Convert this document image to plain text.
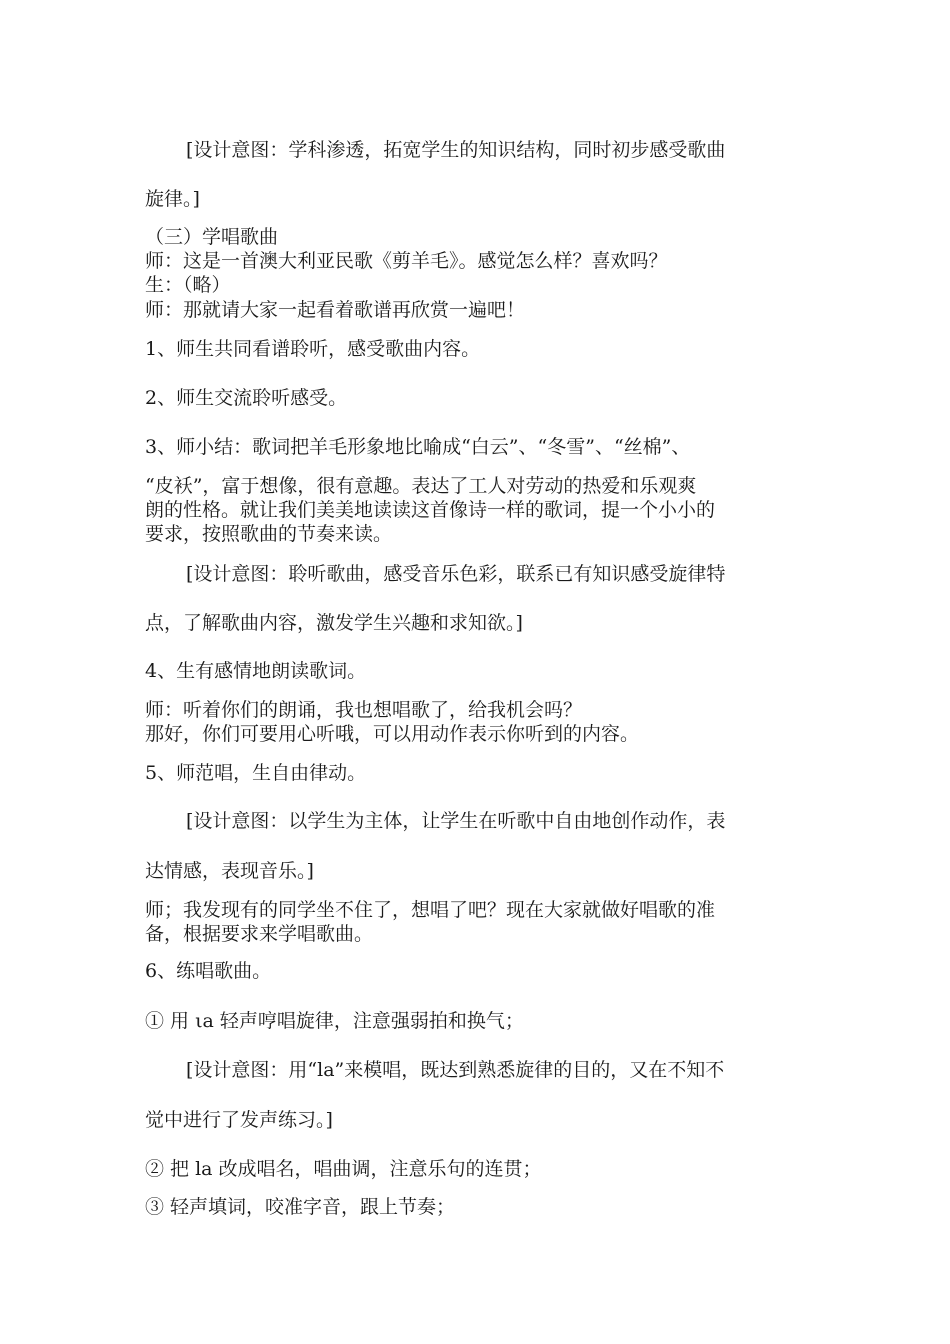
[设计意图：学科渗透，拓宽学生的知识结构，同时初步感受歌曲
旋律。]
（三）学唱歌曲
师：这是一首澳大利亚民歌《剪羊毛》。感觉怎么样？喜欢吗？
生：（略）
师：那就请大家一起看着歌谱再欣赏一遍吧！
1、师生共同看谱聆听，感受歌曲内容。
2、师生交流聆听感受。
3、师小结：歌词把羊毛形象地比喻成“白云”、“冬雪”、“丝棉”、
“皮袄”，富于想像，很有意趣。表达了工人对劳动的热爱和乐观爽
朗的性格。就让我们美美地读读这首像诗一样的歌词，提一个小小的
要求，按照歌曲的节奏来读。
[设计意图：聆听歌曲，感受音乐色彩，联系已有知识感受旋律特
点，了解歌曲内容，激发学生兴趣和求知欲。]
4、生有感情地朗读歌词。
师：听着你们的朗诵，我也想唱歌了，给我机会吗？
那好，你们可要用心听哦，可以用动作表示你听到的内容。
5、师范唱，生自由律动。
[设计意图：以学生为主体，让学生在听歌中自由地创作动作，表
达情感，表现音乐。]
师；我发现有的同学坐不住了，想唱了吧？现在大家就做好唱歌的准
备，根据要求来学唱歌曲。
6、练唱歌曲。
① 用 ιa 轻声哼唱旋律，注意强弱拍和换气；
[设计意图：用“la”来模唱，既达到熟悉旋律的目的，又在不知不
觉中进行了发声练习。]
② 把 la 改成唱名，唱曲调，注意乐句的连贯；
③ 轻声填词，咬准字音，跟上节奏；
